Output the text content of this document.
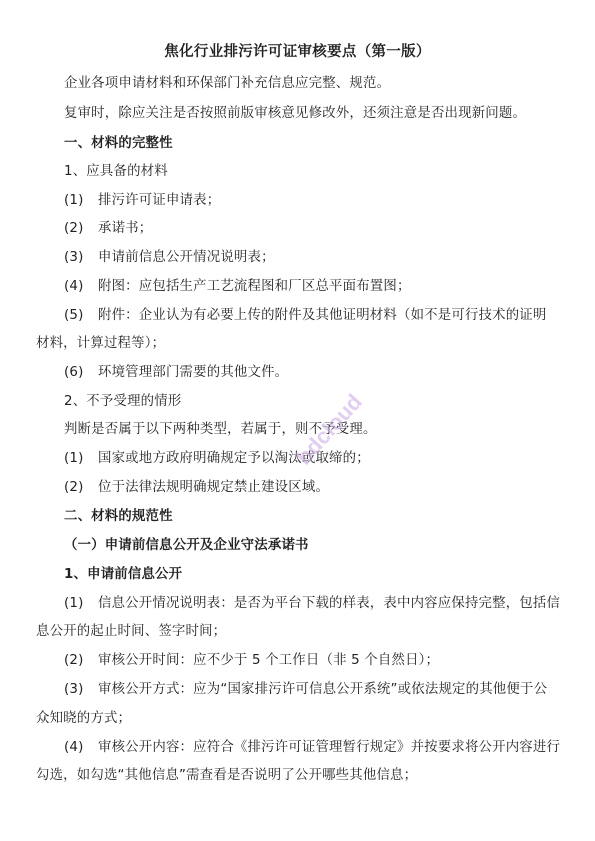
焦化行业排污许可证审核要点（第一版）
企业各项申请材料和环保部门补充信息应完整、规范。
复审时，除应关注是否按照前版审核意见修改外，还须注意是否出现新问题。
一、材料的完整性
1、应具备的材料
(1) 排污许可证申请表；
(2) 承诺书；
(3) 申请前信息公开情况说明表；
(4) 附图：应包括生产工艺流程图和厂区总平面布置图；
(5) 附件：企业认为有必要上传的附件及其他证明材料（如不是可行技术的证明
材料，计算过程等）；
(6) 环境管理部门需要的其他文件。
2、不予受理的情形
判断是否属于以下两种类型，若属于，则不予受理。
(1) 国家或地方政府明确规定予以淘汰或取缔的；
(2) 位于法律法规明确规定禁止建设区域。
二、材料的规范性
（一）申请前信息公开及企业守法承诺书
1、申请前信息公开
(1) 信息公开情况说明表：是否为平台下载的样表，表中内容应保持完整，包括信
息公开的起止时间、签字时间；
(2) 审核公开时间：应不少于 5 个工作日（非 5 个自然日）；
(3) 审核公开方式：应为“国家排污许可信息公开系统”或依法规定的其他便于公
众知晓的方式；
(4) 审核公开内容：应符合《排污许可证管理暂行规定》并按要求将公开内容进行
勾选，如勾选“其他信息”需查看是否说明了公开哪些其他信息；
bdcloud
